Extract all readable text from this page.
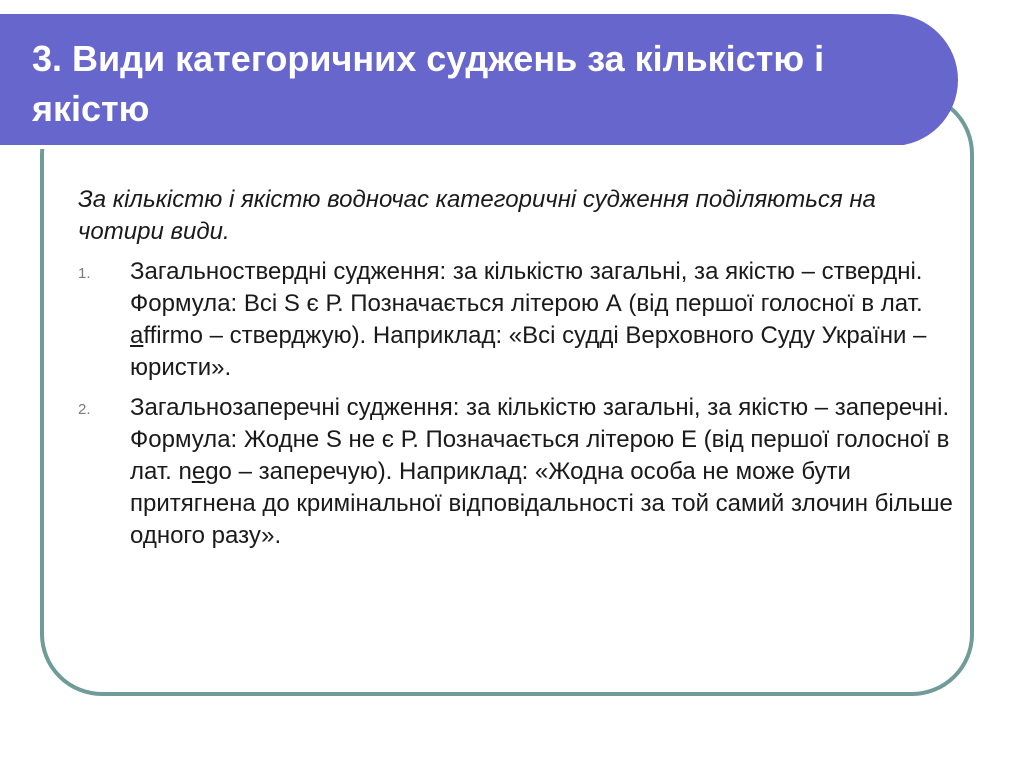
3. Види категоричних суджень за кількістю і якістю

За кількістю і якістю водночас категоричні судження поділяються на чотири види.

1.	Загальностверднi судження: за кількістю загальні, за якістю – стверднi. Формула: Всі S є Р. Позначається літерою А (від першої голосної в лат. affirmo – стверджую). Наприклад: «Всі судді Верховного Суду України – юристи».
2.	Загальнозаперечні судження: за кількістю загальні, за якістю – заперечні. Формула: Жодне S не є Р. Позначається літерою Е (від першої голосної в лат. nego – заперечую). Наприклад: «Жодна особа не може бути притягнена до кримінальної відповідальності за той самий злочин більше одного разу».
